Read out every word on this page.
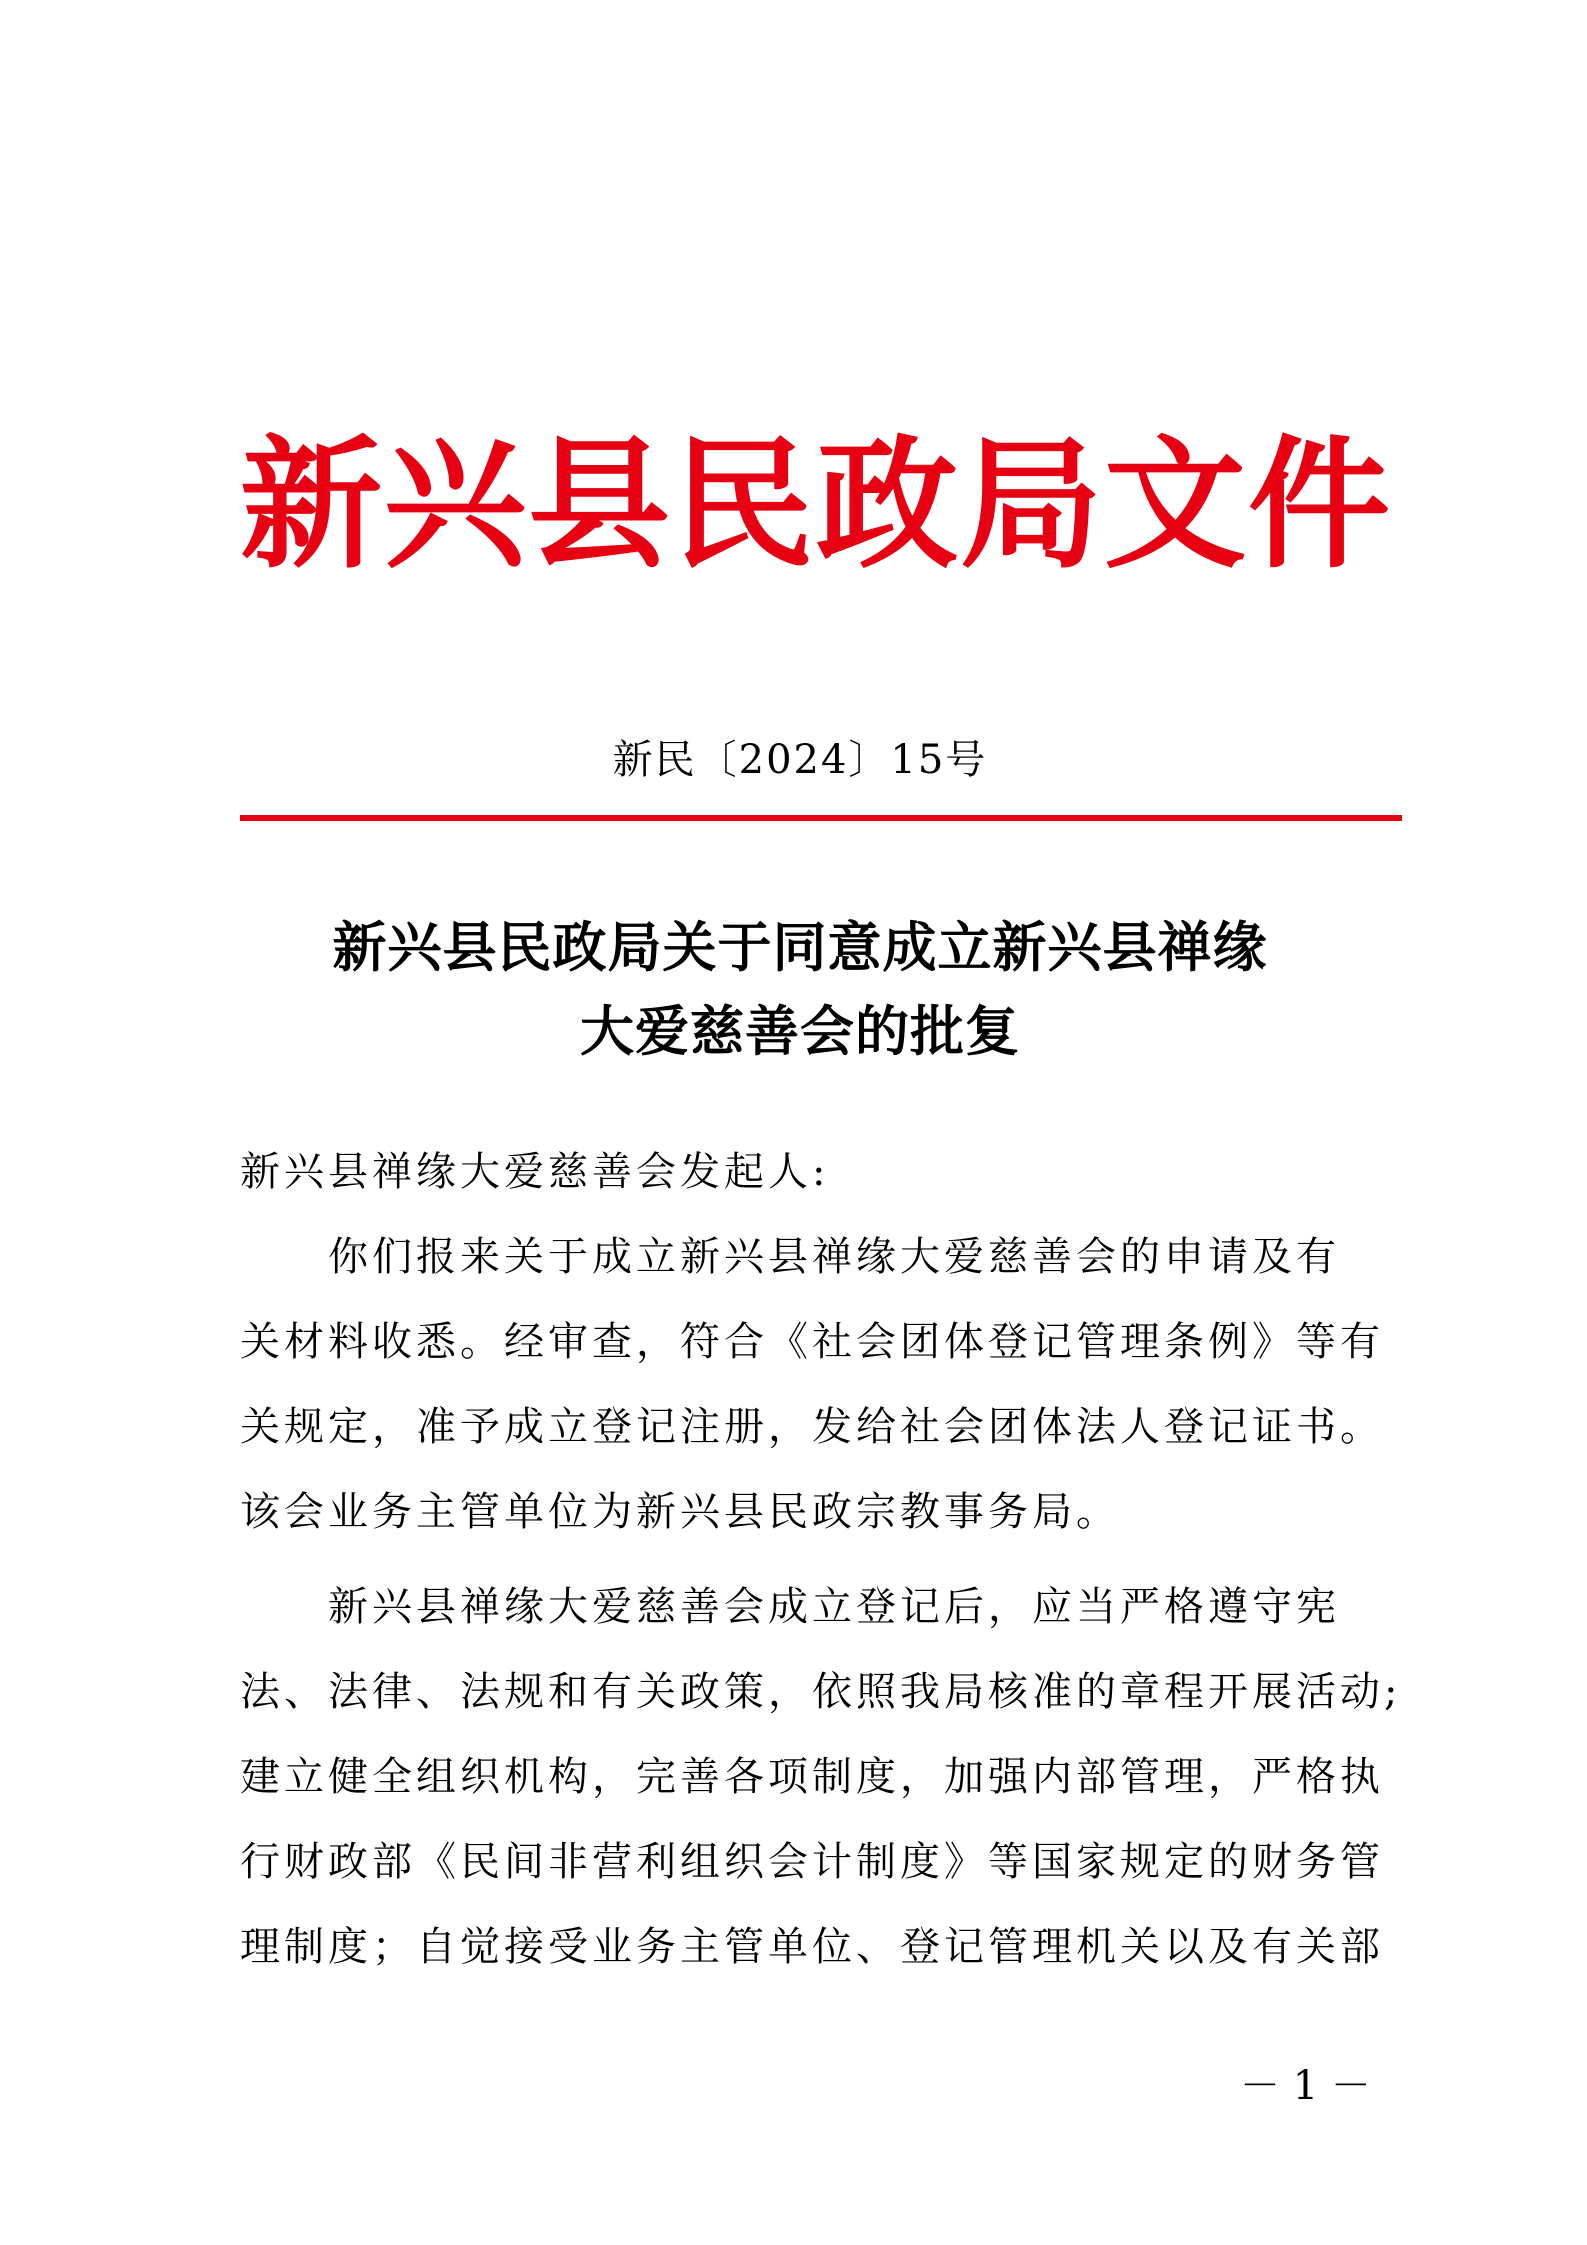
新兴县民政局文件
新民〔2024〕15号
新兴县民政局关于同意成立新兴县禅缘
大爱慈善会的批复
新兴县禅缘大爱慈善会发起人:
你们报来关于成立新兴县禅缘大爱慈善会的申请及有
关材料收悉。经审查，符合《社会团体登记管理条例》等有
关规定，准予成立登记注册，发给社会团体法人登记证书。
该会业务主管单位为新兴县民政宗教事务局。
新兴县禅缘大爱慈善会成立登记后，应当严格遵守宪
法、法律、法规和有关政策，依照我局核准的章程开展活动;
建立健全组织机构，完善各项制度，加强内部管理，严格执
行财政部《民间非营利组织会计制度》等国家规定的财务管
理制度；自觉接受业务主管单位、登记管理机关以及有关部
－ 1 －
